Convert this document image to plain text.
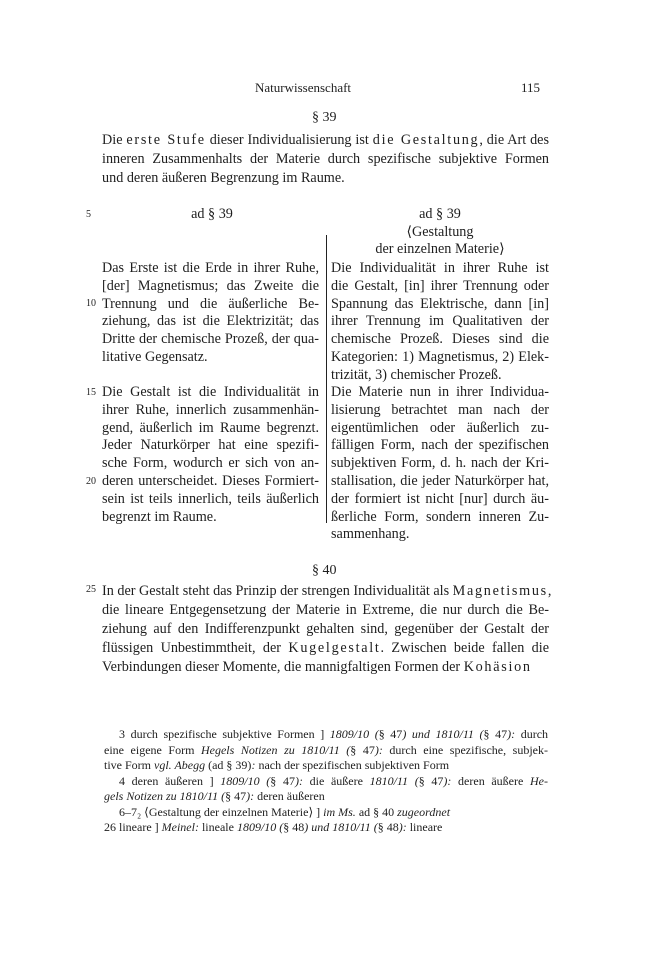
Naturwissenschaft	115
§ 39
Die erste Stufe dieser Individualisierung ist die Gestaltung, die Art des
inneren Zusammenhalts der Materie durch spezifische subjektive Formen
und deren äußeren Begrenzung im Raume.
5
10
15
20
25
ad § 39	ad § 39
⟨Gestaltung
der einzelnen Materie⟩
Das Erste ist die Erde in ihrer Ruhe,
[der] Magnetismus; das Zweite die
Trennung und die äußerliche Be-
ziehung, das ist die Elektrizität; das
Dritte der chemische Prozeß, der qua-
litative Gegensatz.
Die Gestalt ist die Individualität in
ihrer Ruhe, innerlich zusammenhän-
gend, äußerlich im Raume begrenzt.
Jeder Naturkörper hat eine spezifi-
sche Form, wodurch er sich von an-
deren unterscheidet. Dieses Formiert-
sein ist teils innerlich, teils äußerlich
begrenzt im Raume.
Die Individualität in ihrer Ruhe ist
die Gestalt, [in] ihrer Trennung oder
Spannung das Elektrische, dann [in]
ihrer Trennung im Qualitativen der
chemische Prozeß. Dieses sind die
Kategorien: 1) Magnetismus, 2) Elek-
trizität, 3) chemischer Prozeß.
Die Materie nun in ihrer Individua-
lisierung betrachtet man nach der
eigentümlichen oder äußerlich zu-
fälligen Form, nach der spezifischen
subjektiven Form, d. h. nach der Kri-
stallisation, die jeder Naturkörper hat,
der formiert ist nicht [nur] durch äu-
ßerliche Form, sondern inneren Zu-
sammenhang.
§ 40
In der Gestalt steht das Prinzip der strengen Individualität als Magnetismus,
die lineare Entgegensetzung der Materie in Extreme, die nur durch die Be-
ziehung auf den Indifferenzpunkt gehalten sind, gegenüber der Gestalt der
flüssigen Unbestimmtheit, der Kugelgestalt. Zwischen beide fallen die
Verbindungen dieser Momente, die mannigfaltigen Formen der Kohäsion
3 durch spezifische subjektive Formen ] 1809/10 (§ 47) und 1810/11 (§ 47): durch
eine eigene Form Hegels Notizen zu 1810/11 (§ 47): durch eine spezifische, subjek-
tive Form vgl. Abegg (ad § 39): nach der spezifischen subjektiven Form
4 deren äußeren ] 1809/10 (§ 47): die äußere 1810/11 (§ 47): deren äußere He-
gels Notizen zu 1810/11 (§ 47): deren äußeren
6–7₂ ⟨Gestaltung der einzelnen Materie⟩ ] im Ms. ad § 40 zugeordnet
26 lineare ] Meinel: lineale 1809/10 (§ 48) und 1810/11 (§ 48): lineare
